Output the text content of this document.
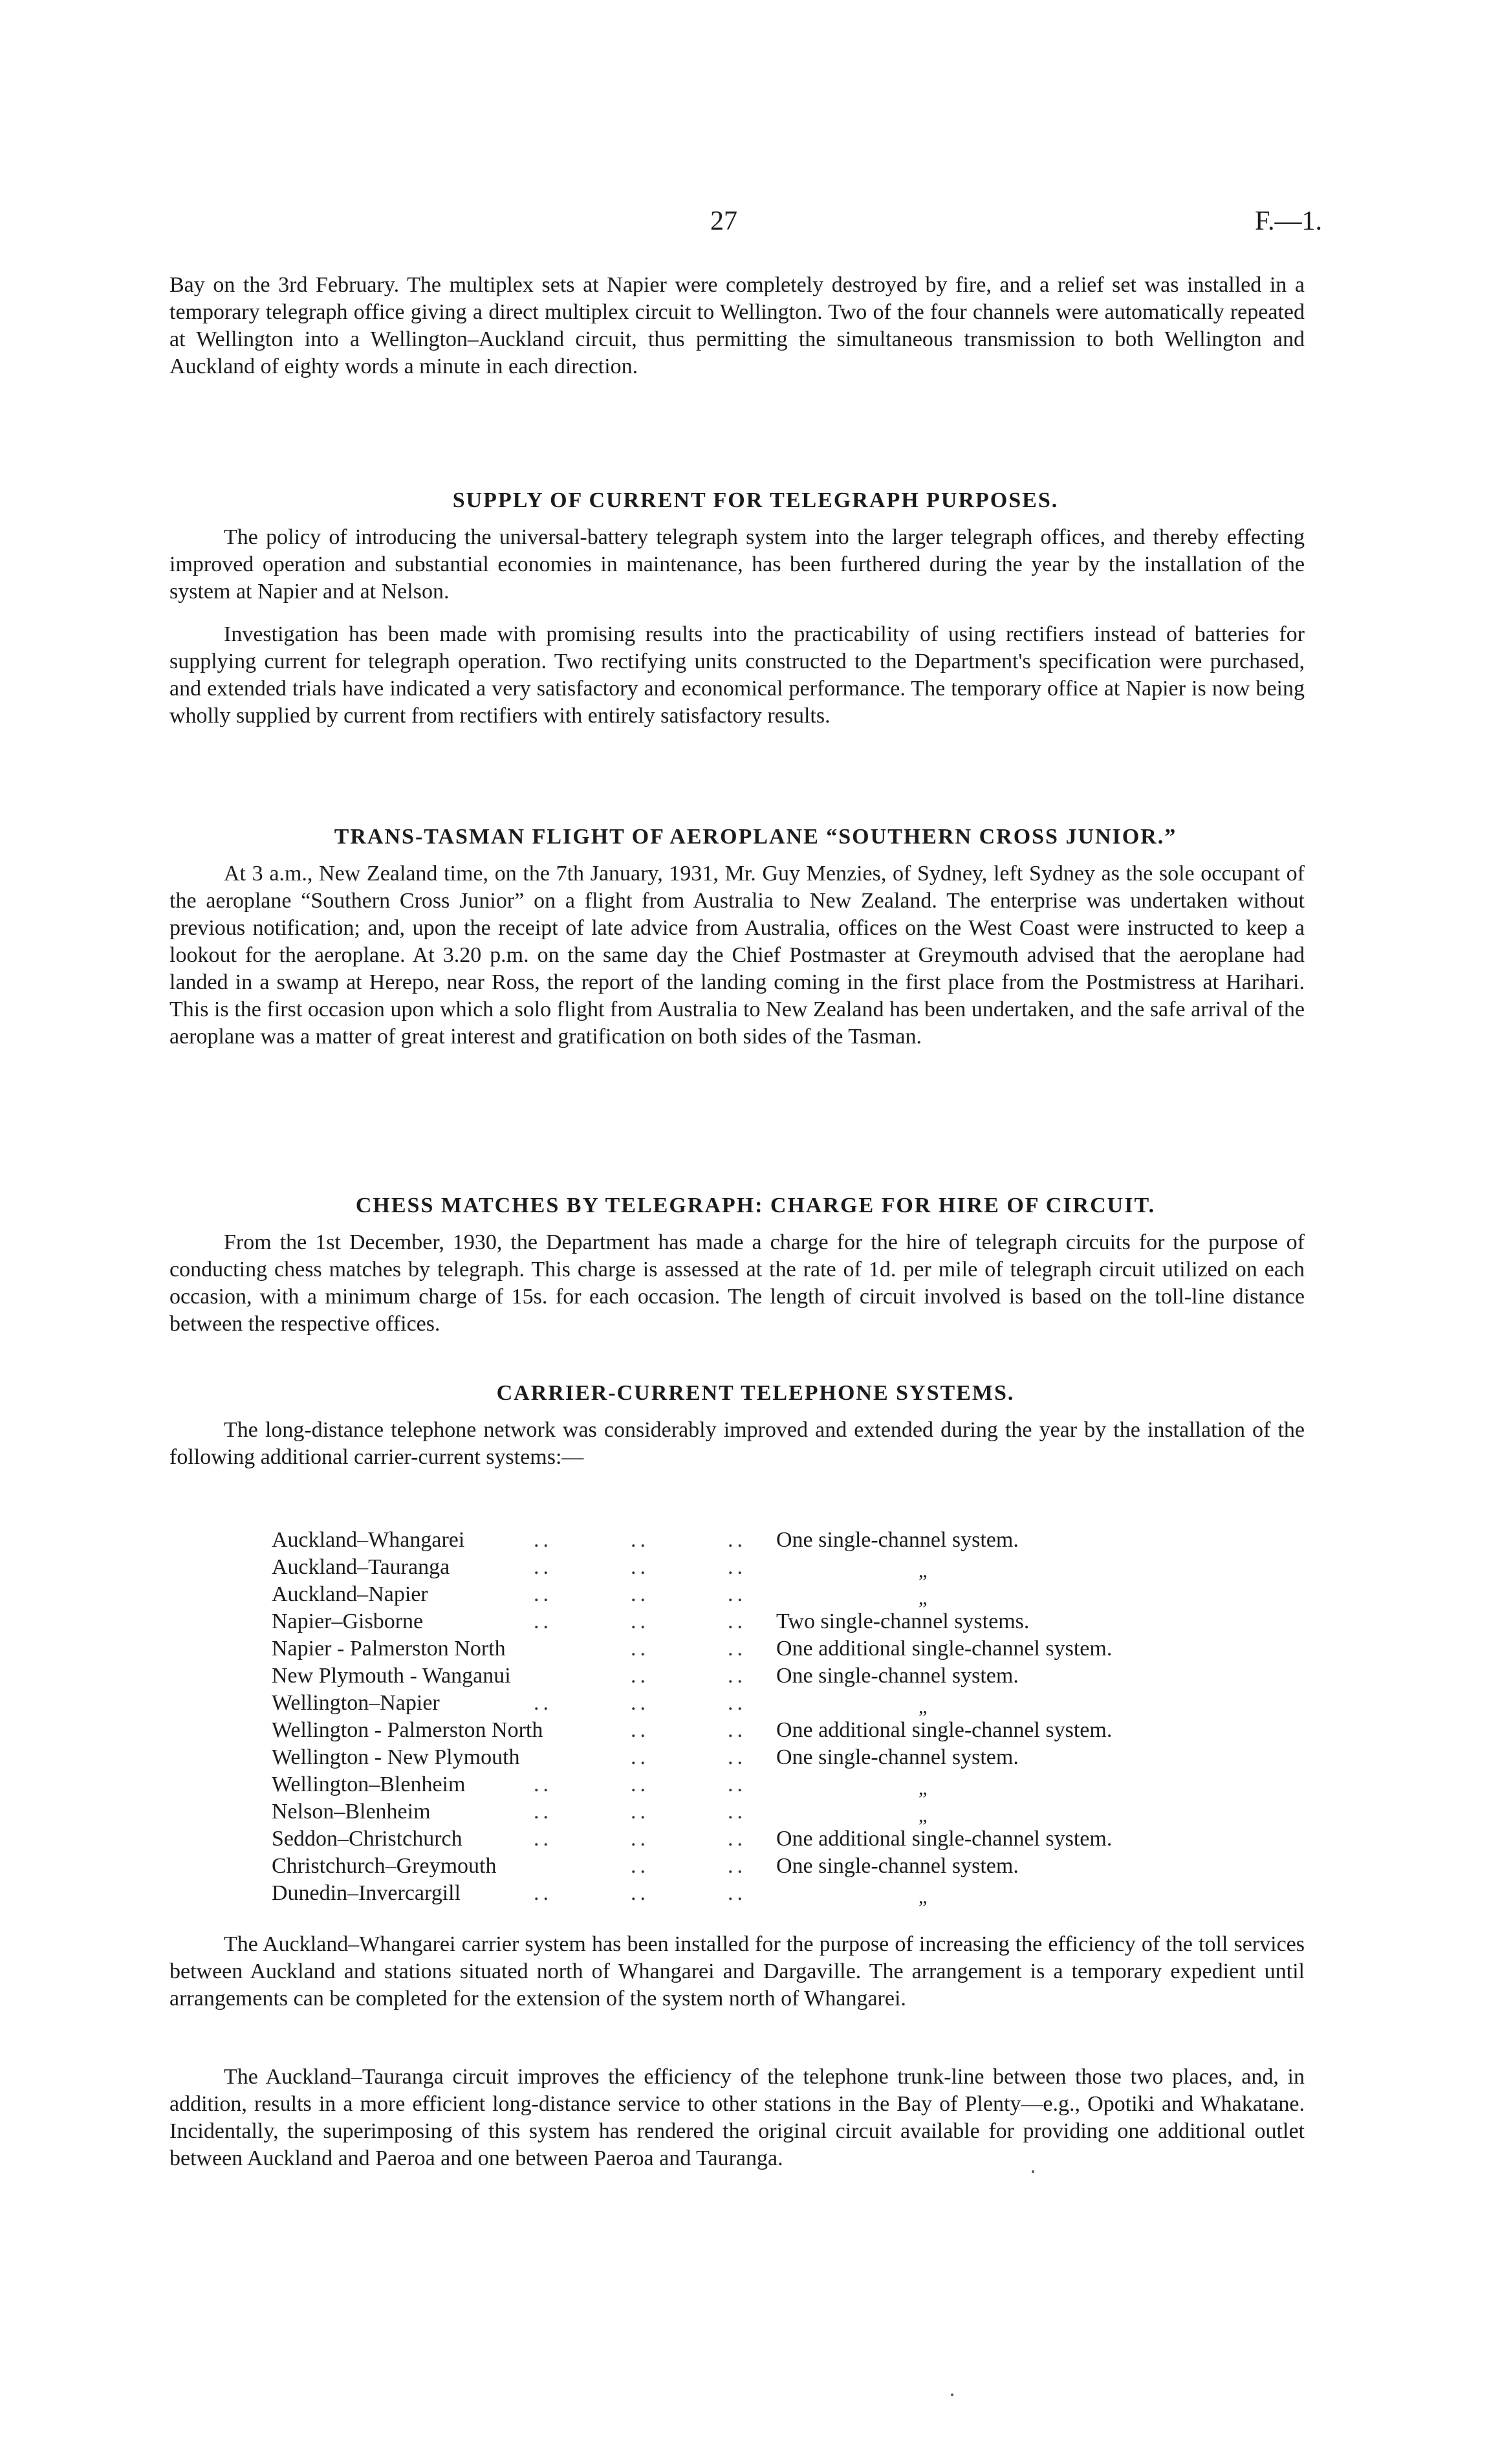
27	F.—1.

Bay on the 3rd February. The multiplex sets at Napier were completely destroyed by fire, and a relief set was installed in a temporary telegraph office giving a direct multiplex circuit to Wellington. Two of the four channels were automatically repeated at Wellington into a Wellington–Auckland circuit, thus permitting the simultaneous transmission to both Wellington and Auckland of eighty words a minute in each direction.

SUPPLY OF CURRENT FOR TELEGRAPH PURPOSES.

The policy of introducing the universal-battery telegraph system into the larger telegraph offices, and thereby effecting improved operation and substantial economies in maintenance, has been furthered during the year by the installation of the system at Napier and at Nelson.

Investigation has been made with promising results into the practicability of using rectifiers instead of batteries for supplying current for telegraph operation. Two rectifying units constructed to the Department's specification were purchased, and extended trials have indicated a very satisfactory and economical performance. The temporary office at Napier is now being wholly supplied by current from rectifiers with entirely satisfactory results.

TRANS-TASMAN FLIGHT OF AEROPLANE “SOUTHERN CROSS JUNIOR.”

At 3 a.m., New Zealand time, on the 7th January, 1931, Mr. Guy Menzies, of Sydney, left Sydney as the sole occupant of the aeroplane “Southern Cross Junior” on a flight from Australia to New Zealand. The enterprise was undertaken without previous notification; and, upon the receipt of late advice from Australia, offices on the West Coast were instructed to keep a lookout for the aeroplane. At 3.20 p.m. on the same day the Chief Postmaster at Greymouth advised that the aeroplane had landed in a swamp at Herepo, near Ross, the report of the landing coming in the first place from the Postmistress at Harihari. This is the first occasion upon which a solo flight from Australia to New Zealand has been undertaken, and the safe arrival of the aeroplane was a matter of great interest and gratification on both sides of the Tasman.

CHESS MATCHES BY TELEGRAPH: CHARGE FOR HIRE OF CIRCUIT.

From the 1st December, 1930, the Department has made a charge for the hire of telegraph circuits for the purpose of conducting chess matches by telegraph. This charge is assessed at the rate of 1d. per mile of telegraph circuit utilized on each occasion, with a minimum charge of 15s. for each occasion. The length of circuit involved is based on the toll-line distance between the respective offices.

CARRIER-CURRENT TELEPHONE SYSTEMS.

The long-distance telephone network was considerably improved and extended during the year by the installation of the following additional carrier-current systems:—

Auckland–Whangarei	..	..	.. One single-channel system.
Auckland–Tauranga	..	..	..	„
Auckland–Napier	..	..	..	„
Napier–Gisborne	..	..	.. Two single-channel systems.
Napier - Palmerston North	..	.. One additional single-channel system.
New Plymouth - Wanganui	..	.. One single-channel system.
Wellington–Napier	..	..	..	„
Wellington - Palmerston North	..	.. One additional single-channel system.
Wellington - New Plymouth	..	.. One single-channel system.
Wellington–Blenheim	..	..	..	„
Nelson–Blenheim	..	..	..	„
Seddon–Christchurch	..	..	.. One additional single-channel system.
Christchurch–Greymouth	..	.. One single-channel system.
Dunedin–Invercargill	..	..	..	„

The Auckland–Whangarei carrier system has been installed for the purpose of increasing the efficiency of the toll services between Auckland and stations situated north of Whangarei and Dargaville. The arrangement is a temporary expedient until arrangements can be completed for the extension of the system north of Whangarei.

The Auckland–Tauranga circuit improves the efficiency of the telephone trunk-line between those two places, and, in addition, results in a more efficient long-distance service to other stations in the Bay of Plenty—e.g., Opotiki and Whakatane. Incidentally, the superimposing of this system has rendered the original circuit available for providing one additional outlet between Auckland and Paeroa and one between Paeroa and Tauranga.
